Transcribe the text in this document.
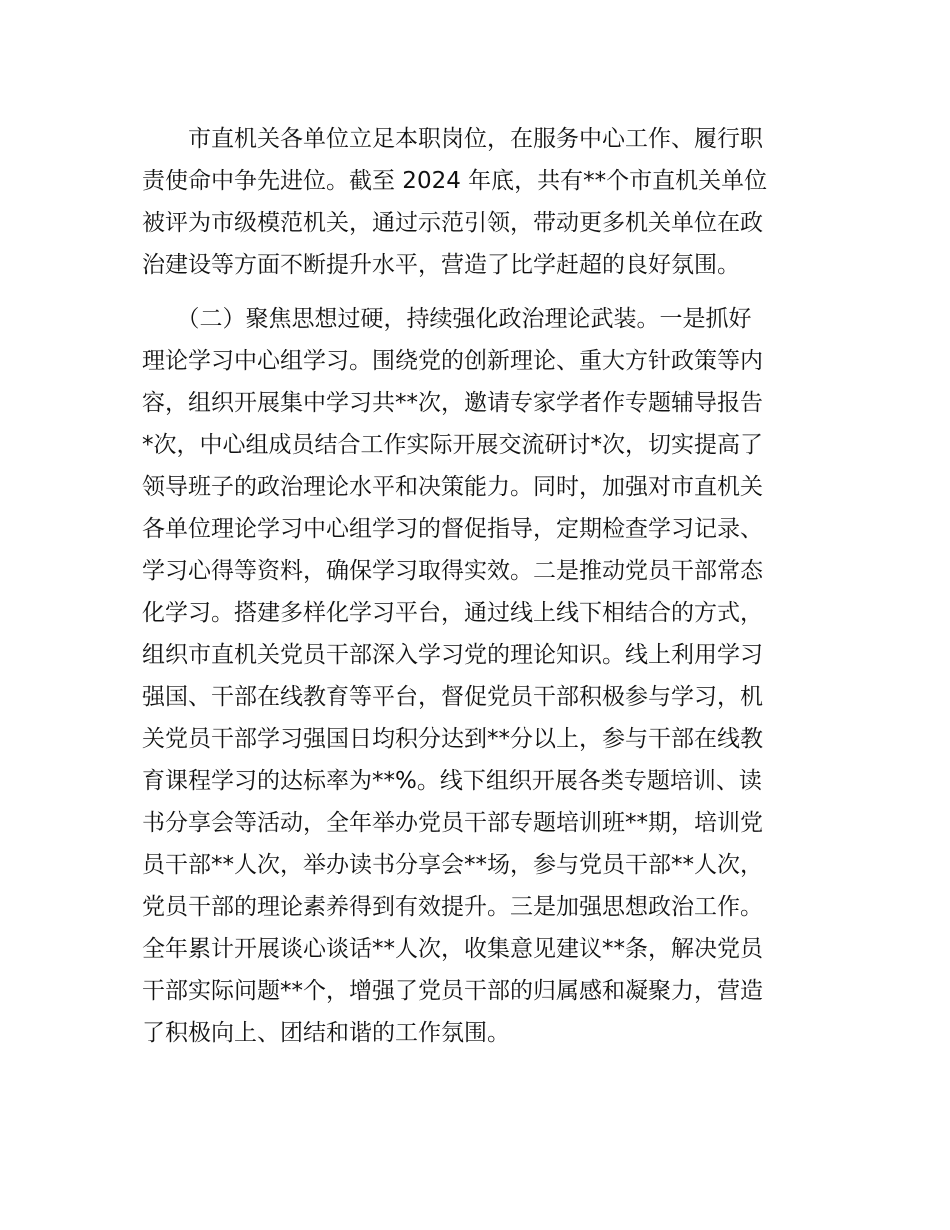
　　市直机关各单位立足本职岗位，在服务中心工作、履行职
责使命中争先进位。截至 2024 年底，共有**个市直机关单位
被评为市级模范机关，通过示范引领，带动更多机关单位在政
治建设等方面不断提升水平，营造了比学赶超的良好氛围。
　　（二）聚焦思想过硬，持续强化政治理论武装。一是抓好
理论学习中心组学习。围绕党的创新理论、重大方针政策等内
容，组织开展集中学习共**次，邀请专家学者作专题辅导报告
*次，中心组成员结合工作实际开展交流研讨*次，切实提高了
领导班子的政治理论水平和决策能力。同时，加强对市直机关
各单位理论学习中心组学习的督促指导，定期检查学习记录、
学习心得等资料，确保学习取得实效。二是推动党员干部常态
化学习。搭建多样化学习平台，通过线上线下相结合的方式，
组织市直机关党员干部深入学习党的理论知识。线上利用学习
强国、干部在线教育等平台，督促党员干部积极参与学习，机
关党员干部学习强国日均积分达到**分以上，参与干部在线教
育课程学习的达标率为**%。线下组织开展各类专题培训、读
书分享会等活动，全年举办党员干部专题培训班**期，培训党
员干部**人次，举办读书分享会**场，参与党员干部**人次，
党员干部的理论素养得到有效提升。三是加强思想政治工作。
全年累计开展谈心谈话**人次，收集意见建议**条，解决党员
干部实际问题**个，增强了党员干部的归属感和凝聚力，营造
了积极向上、团结和谐的工作氛围。
